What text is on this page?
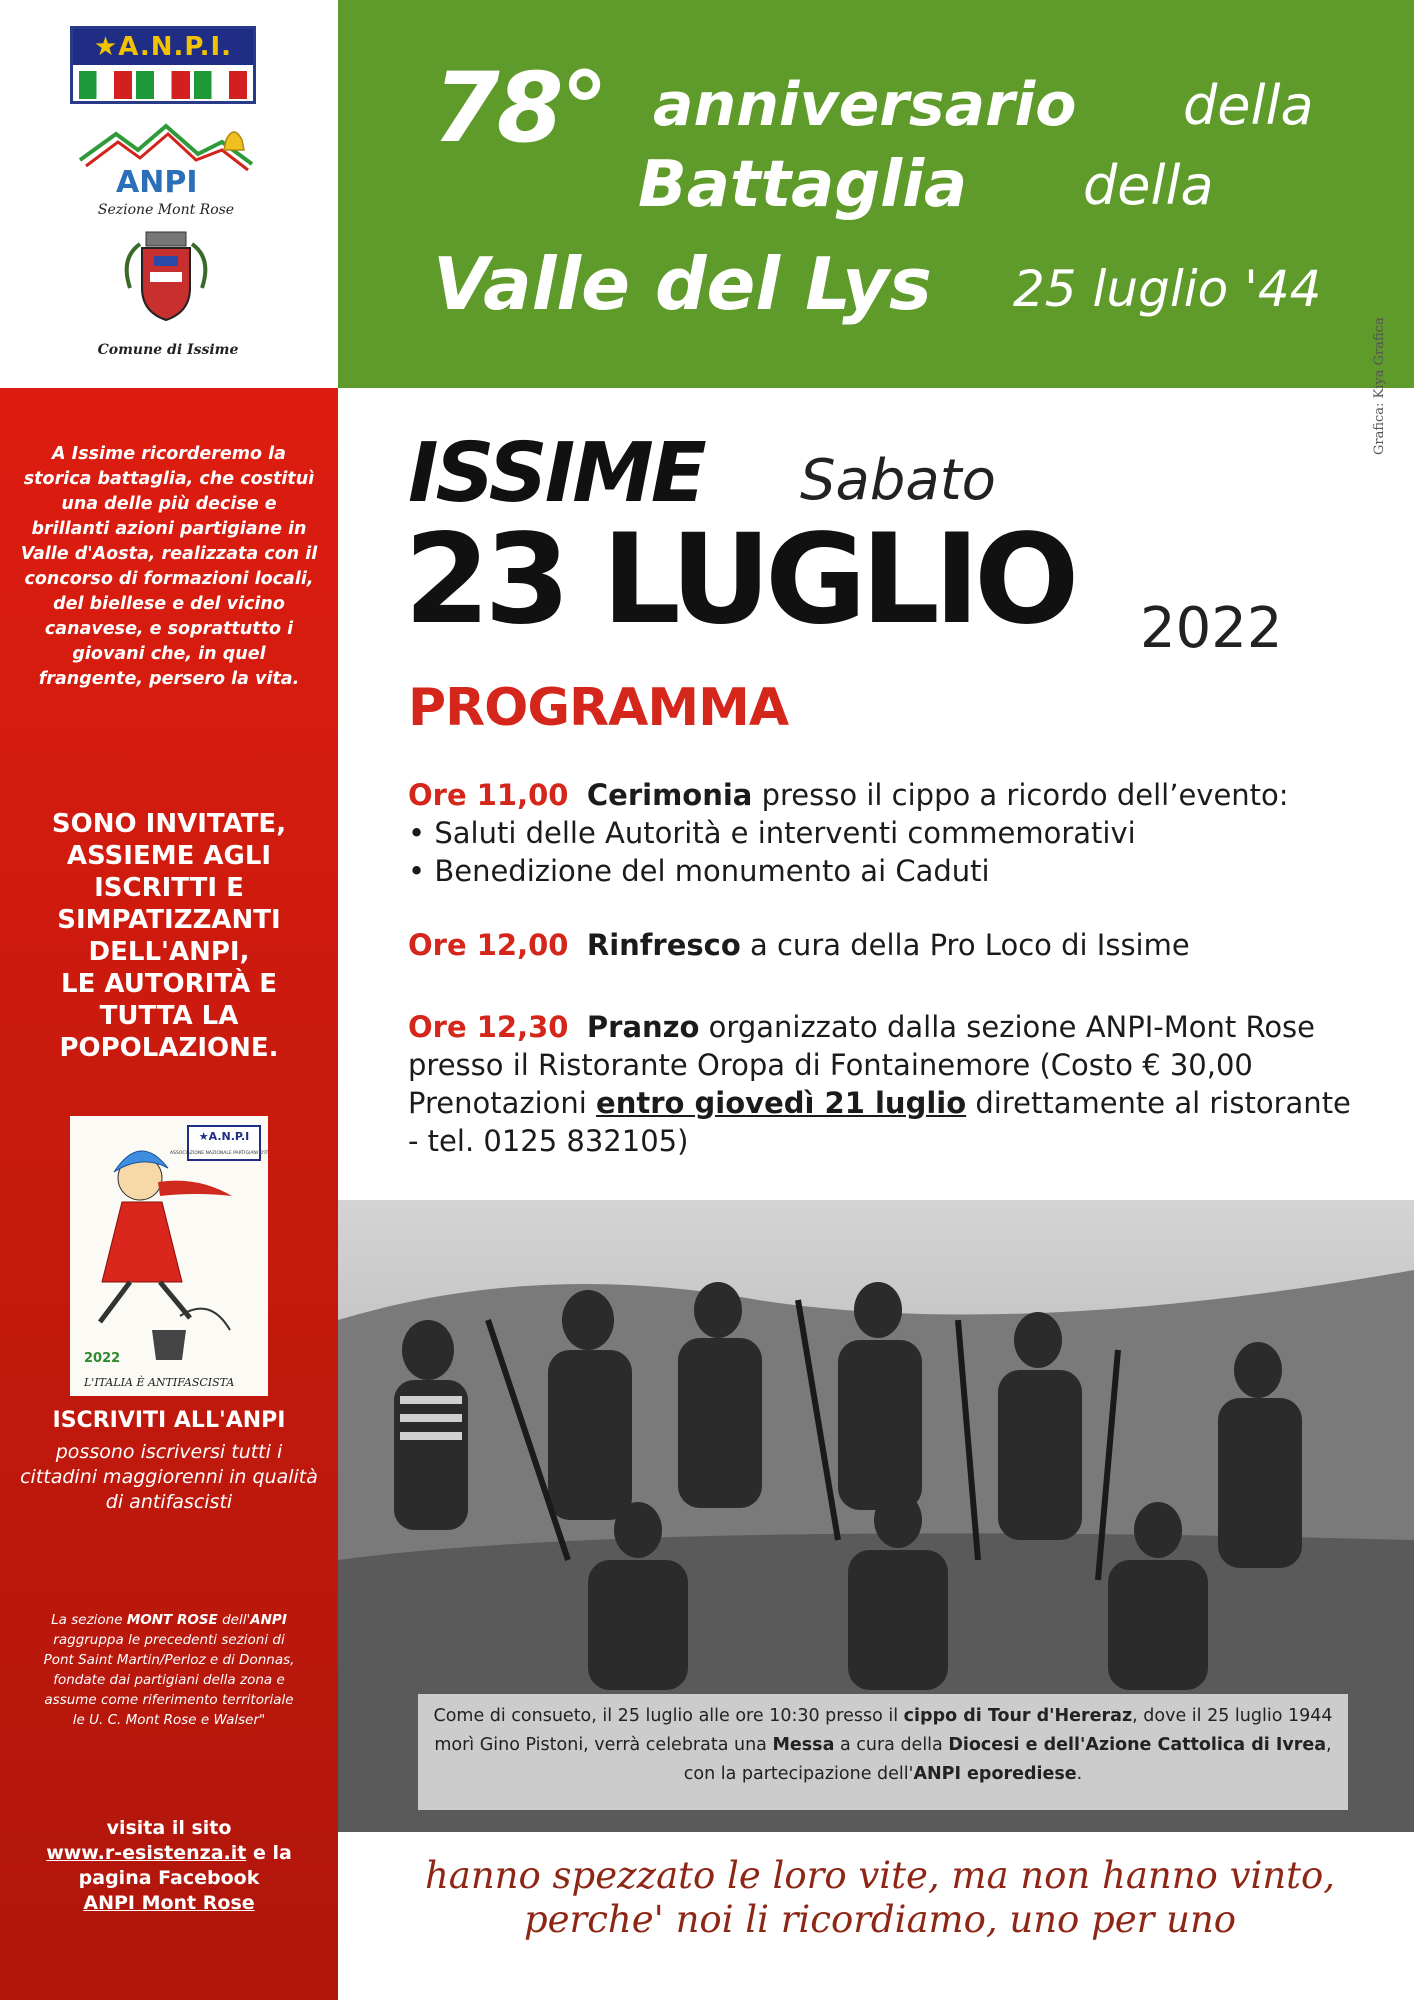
★A.N.P.I.
ANPI
Sezione Mont Rose
Comune di Issime
78° anniversario della
Battaglia della
Valle del Lys 25 luglio '44
A Issime ricorderemo la storica battaglia, che costituì una delle più decise e brillanti azioni partigiane in Valle d'Aosta, realizzata con il concorso di formazioni locali, del biellese e del vicino canavese, e soprattutto i giovani che, in quel frangente, persero la vita.
SONO INVITATE,
ASSIEME AGLI
ISCRITTI E
SIMPATIZZANTI
DELL'ANPI,
LE AUTORITÀ E
TUTTA LA
POPOLAZIONE.
★A.N.P.I
ASSOCIAZIONE NAZIONALE PARTIGIANI D'ITALIA
2022
L'ITALIA È ANTIFASCISTA
ISCRIVITI ALL'ANPI
possono iscriversi tutti i cittadini maggiorenni in qualità di antifascisti
La sezione MONT ROSE dell'ANPI raggruppa le precedenti sezioni di Pont Saint Martin/Perloz e di Donnas, fondate dai partigiani della zona e assume come riferimento territoriale le U. C. Mont Rose e Walser"
visita il sito
www.r-esistenza.it e la pagina Facebook
ANPI Mont Rose
ISSIME Sabato
23 LUGLIO 2022
PROGRAMMA
Grafica: Kiya Grafica
Ore 11,00 Cerimonia presso il cippo a ricordo dell’evento:
• Saluti delle Autorità e interventi commemorativi
• Benedizione del monumento ai Caduti
Ore 12,00 Rinfresco a cura della Pro Loco di Issime
Ore 12,30 Pranzo organizzato dalla sezione ANPI-Mont Rose presso il Ristorante Oropa di Fontainemore (Costo € 30,00 Prenotazioni entro giovedì 21 luglio direttamente al ristorante - tel. 0125 832105)
Come di consueto, il 25 luglio alle ore 10:30 presso il cippo di Tour d'Hereraz, dove il 25 luglio 1944 morì Gino Pistoni, verrà celebrata una Messa a cura della Diocesi e dell'Azione Cattolica di Ivrea, con la partecipazione dell'ANPI eporediese.
hanno spezzato le loro vite, ma non hanno vinto,
perche' noi li ricordiamo, uno per uno
